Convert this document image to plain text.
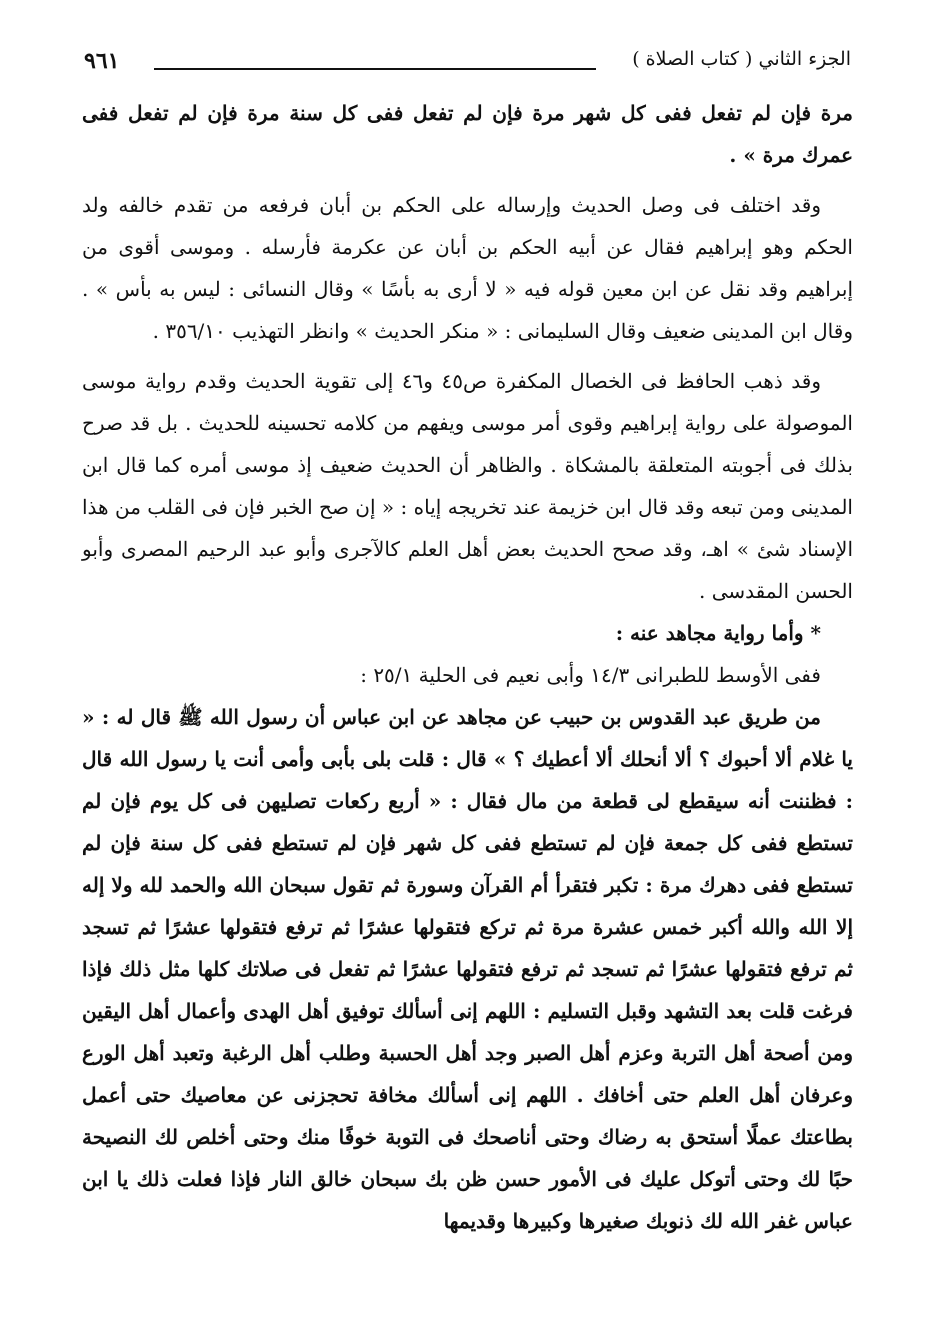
الجزء الثاني ( كتاب الصلاة )
٩٦١

مرة فإن لم تفعل ففى كل شهر مرة فإن لم تفعل ففى كل سنة مرة فإن لم تفعل ففى عمرك مرة » .

وقد اختلف فى وصل الحديث وإرساله على الحكم بن أبان فرفعه من تقدم خالفه ولد الحكم وهو إبراهيم فقال عن أبيه الحكم بن أبان عن عكرمة فأرسله . وموسى أقوى من إبراهيم وقد نقل عن ابن معين قوله فيه « لا أرى به بأسًا » وقال النسائى : ليس به بأس » . وقال ابن المدينى ضعيف وقال السليمانى : « منكر الحديث » وانظر التهذيب ٣٥٦/١٠ .

وقد ذهب الحافظ فى الخصال المكفرة ص٤٥ و٤٦ إلى تقوية الحديث وقدم رواية موسى الموصولة على رواية إبراهيم وقوى أمر موسى ويفهم من كلامه تحسينه للحديث . بل قد صرح بذلك فى أجوبته المتعلقة بالمشكاة . والظاهر أن الحديث ضعيف إذ موسى أمره كما قال ابن المدينى ومن تبعه وقد قال ابن خزيمة عند تخريجه إياه : « إن صح الخبر فإن فى القلب من هذا الإسناد شئ » اهـ، وقد صحح الحديث بعض أهل العلم كالآجرى وأبو عبد الرحيم المصرى وأبو الحسن المقدسى .

* وأما رواية مجاهد عنه :

ففى الأوسط للطبرانى ١٤/٣ وأبى نعيم فى الحلية ٢٥/١ :

من طريق عبد القدوس بن حبيب عن مجاهد عن ابن عباس أن رسول الله ﷺ قال له : « يا غلام ألا أحبوك ؟ ألا أنحلك ألا أعطيك ؟ » قال : قلت بلى بأبى وأمى أنت يا رسول الله قال : فظننت أنه سيقطع لى قطعة من مال فقال : « أربع ركعات تصليهن فى كل يوم فإن لم تستطع ففى كل جمعة فإن لم تستطع ففى كل شهر فإن لم تستطع ففى كل سنة فإن لم تستطع ففى دهرك مرة : تكبر فتقرأ أم القرآن وسورة ثم تقول سبحان الله والحمد لله ولا إله إلا الله والله أكبر خمس عشرة مرة ثم تركع فتقولها عشرًا ثم ترفع فتقولها عشرًا ثم تسجد ثم ترفع فتقولها عشرًا ثم تسجد ثم ترفع فتقولها عشرًا ثم تفعل فى صلاتك كلها مثل ذلك فإذا فرغت قلت بعد التشهد وقبل التسليم : اللهم إنى أسألك توفيق أهل الهدى وأعمال أهل اليقين ومن أصحة أهل التربة وعزم أهل الصبر وجد أهل الحسبة وطلب أهل الرغبة وتعبد أهل الورع وعرفان أهل العلم حتى أخافك . اللهم إنى أسألك مخافة تحجزنى عن معاصيك حتى أعمل بطاعتك عملًا أستحق به رضاك وحتى أناصحك فى التوبة خوفًا منك وحتى أخلص لك النصيحة حبًا لك وحتى أتوكل عليك فى الأمور حسن ظن بك سبحان خالق النار فإذا فعلت ذلك يا ابن عباس غفر الله لك ذنوبك صغيرها وكبيرها وقديمها
